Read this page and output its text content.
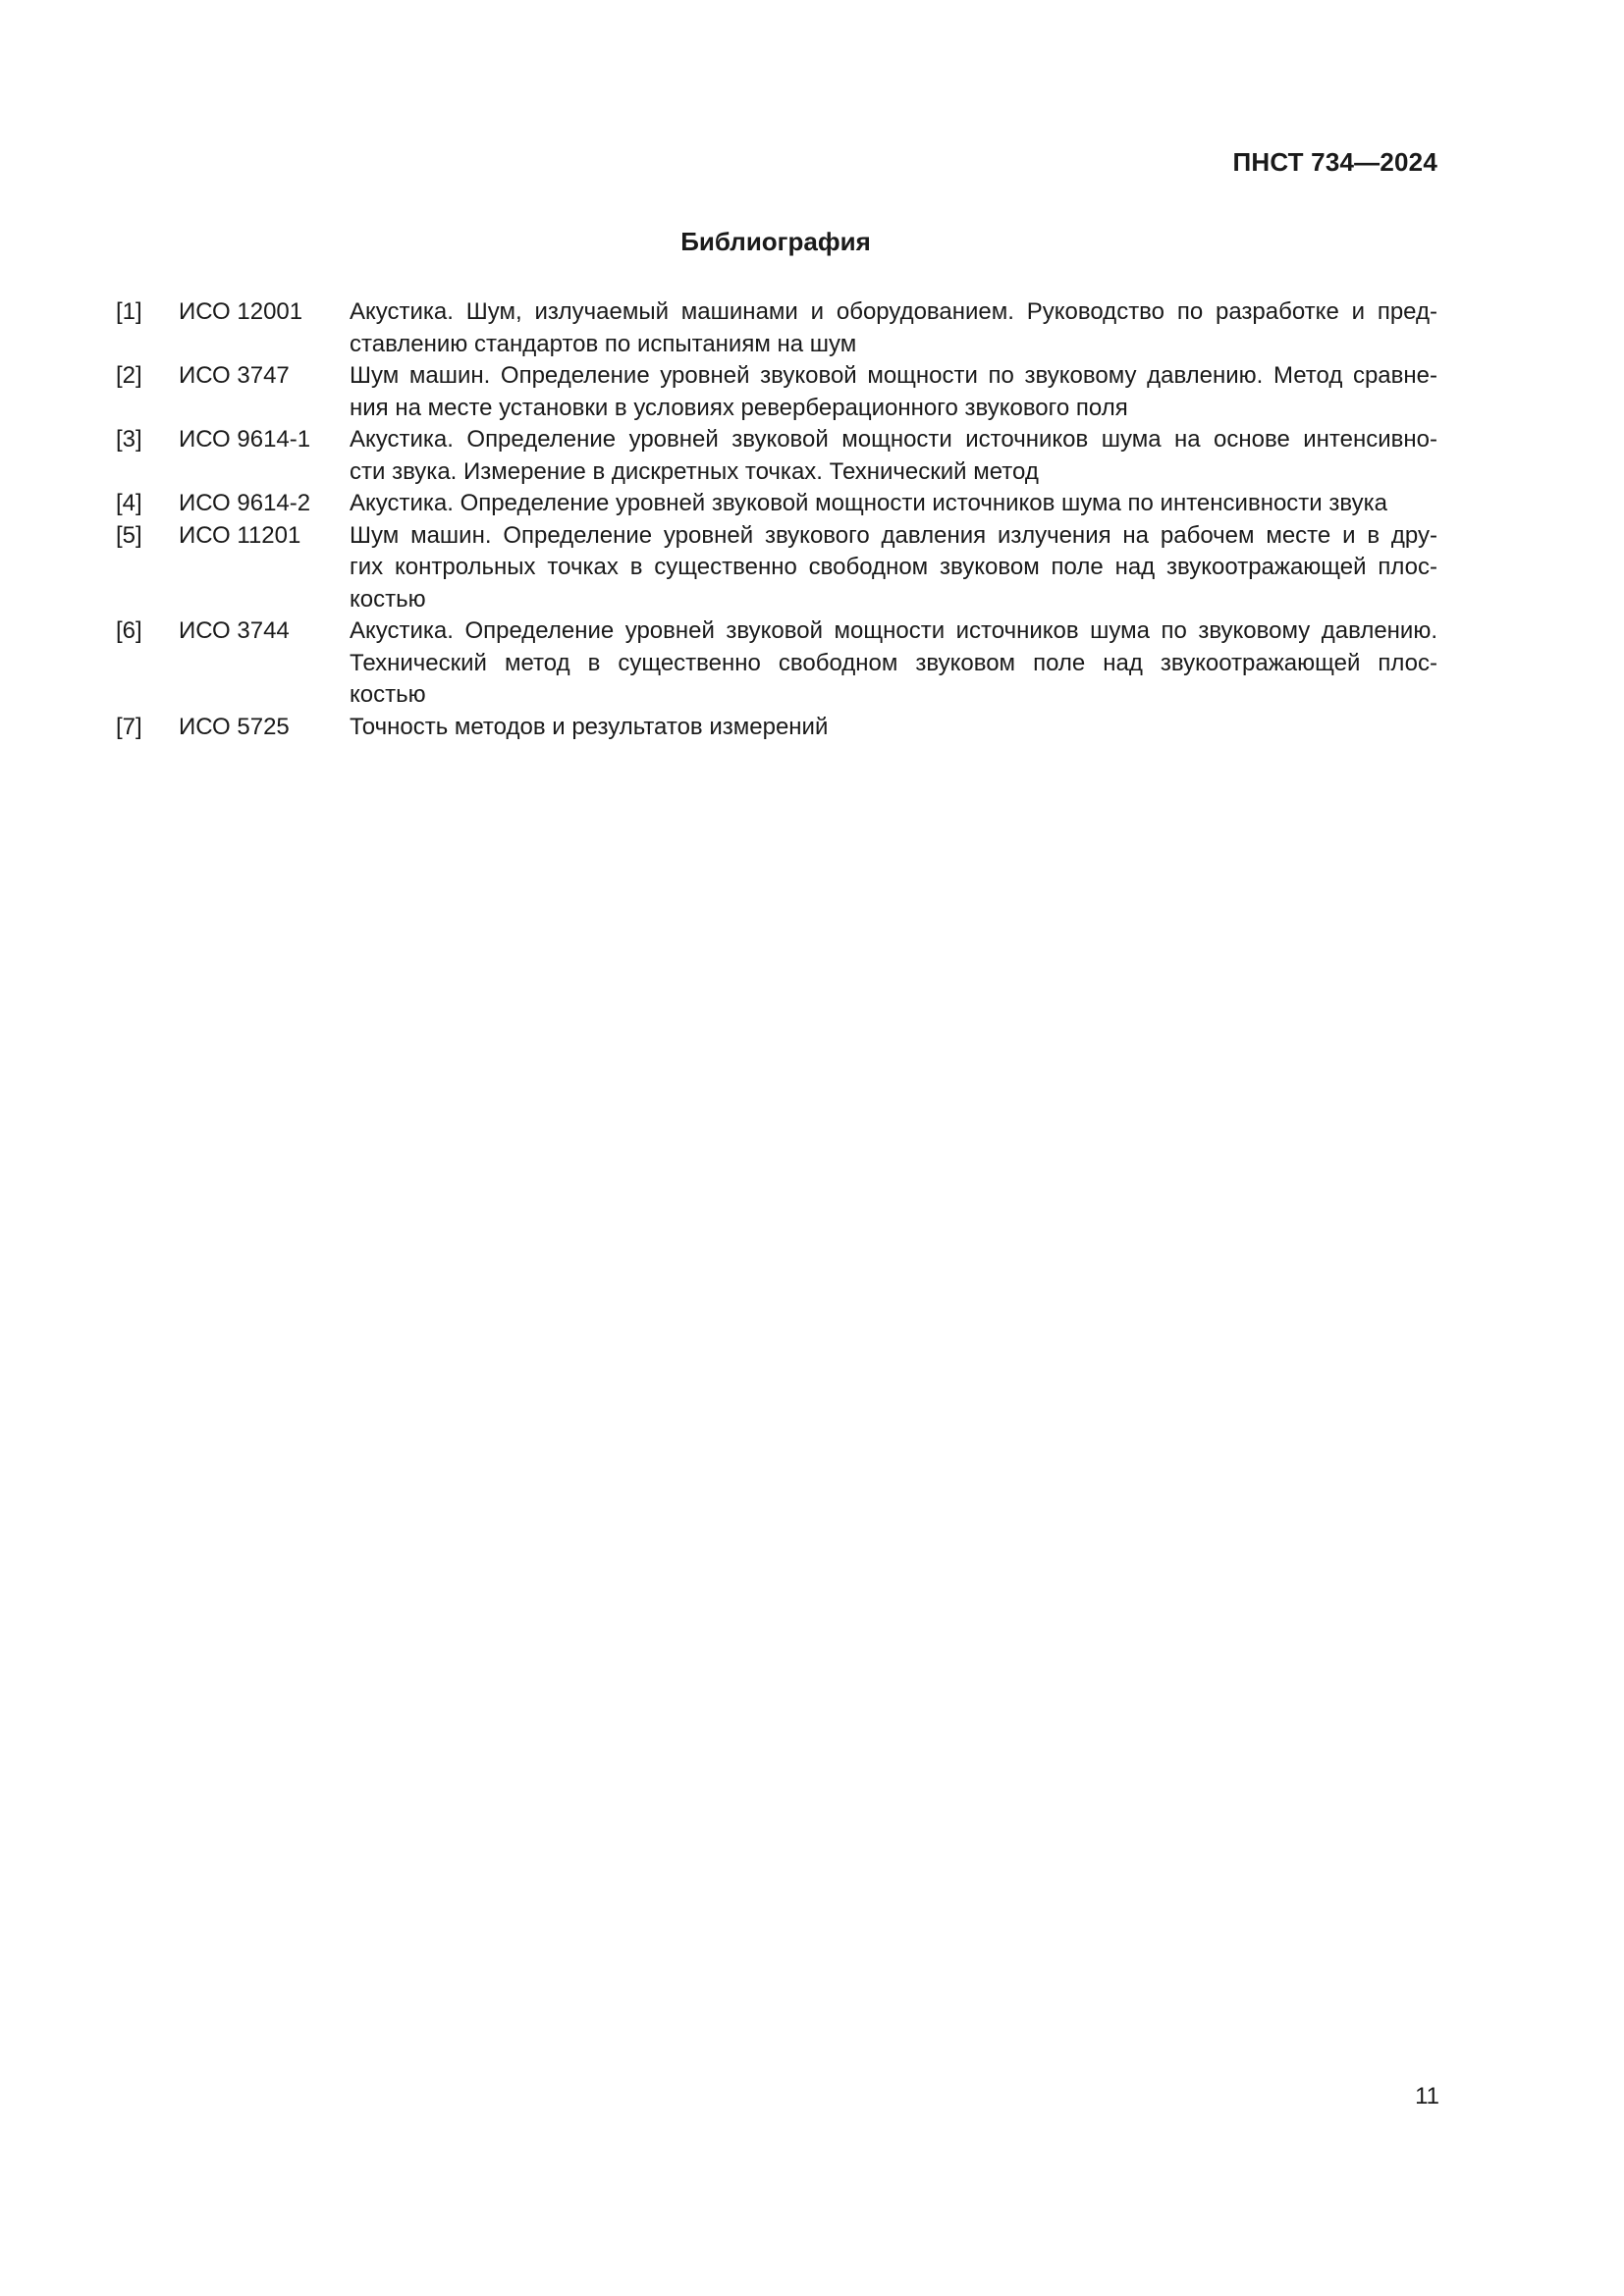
ПНСТ 734—2024
Библиография
[1]	ИСО 12001	Акустика. Шум, излучаемый машинами и оборудованием. Руководство по разработке и пред-
ставлению стандартов по испытаниям на шум
[2]	ИСО 3747	Шум машин. Определение уровней звуковой мощности по звуковому давлению. Метод сравне-
ния на месте установки в условиях реверберационного звукового поля
[3]	ИСО 9614-1	Акустика. Определение уровней звуковой мощности источников шума на основе интенсивно-
сти звука. Измерение в дискретных точках. Технический метод
[4]	ИСО 9614-2	Акустика. Определение уровней звуковой мощности источников шума по интенсивности звука
[5]	ИСО 11201	Шум машин. Определение уровней звукового давления излучения на рабочем месте и в дру-
гих контрольных точках в существенно свободном звуковом поле над звукоотражающей плос-
костью
[6]	ИСО 3744	Акустика. Определение уровней звуковой мощности источников шума по звуковому давлению.
Технический метод в существенно свободном звуковом поле над звукоотражающей плос-
костью
[7]	ИСО 5725	Точность методов и результатов измерений
11
